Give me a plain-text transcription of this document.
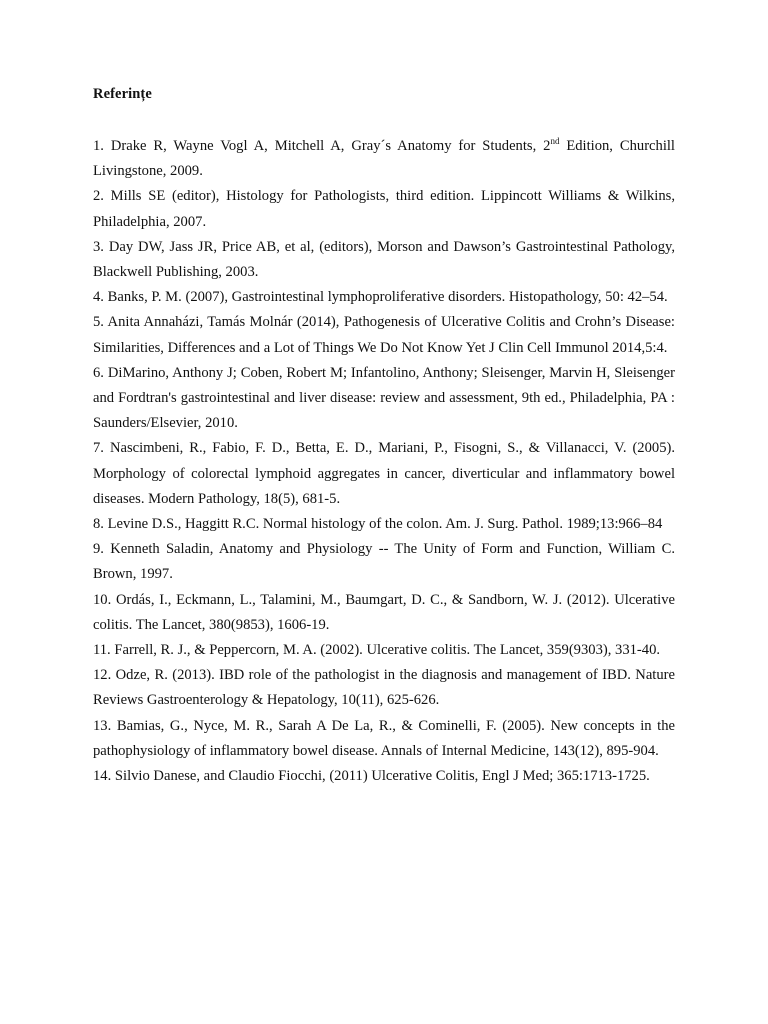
Referințe
1. Drake R, Wayne Vogl A, Mitchell A, Gray´s Anatomy for Students, 2nd Edition, Churchill Livingstone, 2009.
2. Mills SE (editor), Histology for Pathologists, third edition. Lippincott Williams & Wilkins, Philadelphia, 2007.
3. Day DW, Jass JR, Price AB, et al, (editors), Morson and Dawson’s Gastrointestinal Pathology, Blackwell Publishing, 2003.
4. Banks, P. M. (2007), Gastrointestinal lymphoproliferative disorders. Histopathology, 50: 42–54.
5. Anita Annaházi, Tamás Molnár (2014), Pathogenesis of Ulcerative Colitis and Crohn’s Disease: Similarities, Differences and a Lot of Things We Do Not Know Yet J Clin Cell Immunol 2014,5:4.
6. DiMarino, Anthony J; Coben, Robert M; Infantolino, Anthony; Sleisenger, Marvin H, Sleisenger and Fordtran's gastrointestinal and liver disease: review and assessment, 9th ed., Philadelphia, PA : Saunders/Elsevier, 2010.
7. Nascimbeni, R., Fabio, F. D., Betta, E. D., Mariani, P., Fisogni, S., & Villanacci, V. (2005). Morphology of colorectal lymphoid aggregates in cancer, diverticular and inflammatory bowel diseases. Modern Pathology, 18(5), 681-5.
8. Levine D.S., Haggitt R.C. Normal histology of the colon. Am. J. Surg. Pathol. 1989;13:966–84
9. Kenneth Saladin, Anatomy and Physiology -- The Unity of Form and Function, William C. Brown, 1997.
10. Ordás, I., Eckmann, L., Talamini, M., Baumgart, D. C., & Sandborn, W. J. (2012). Ulcerative colitis. The Lancet, 380(9853), 1606-19.
11. Farrell, R. J., & Peppercorn, M. A. (2002). Ulcerative colitis. The Lancet, 359(9303), 331-40.
12. Odze, R. (2013). IBD role of the pathologist in the diagnosis and management of IBD. Nature Reviews Gastroenterology & Hepatology, 10(11), 625-626.
13. Bamias, G., Nyce, M. R., Sarah A De La, R., & Cominelli, F. (2005). New concepts in the pathophysiology of inflammatory bowel disease. Annals of Internal Medicine, 143(12), 895-904.
14. Silvio Danese, and Claudio Fiocchi, (2011) Ulcerative Colitis, Engl J Med; 365:1713-1725.
